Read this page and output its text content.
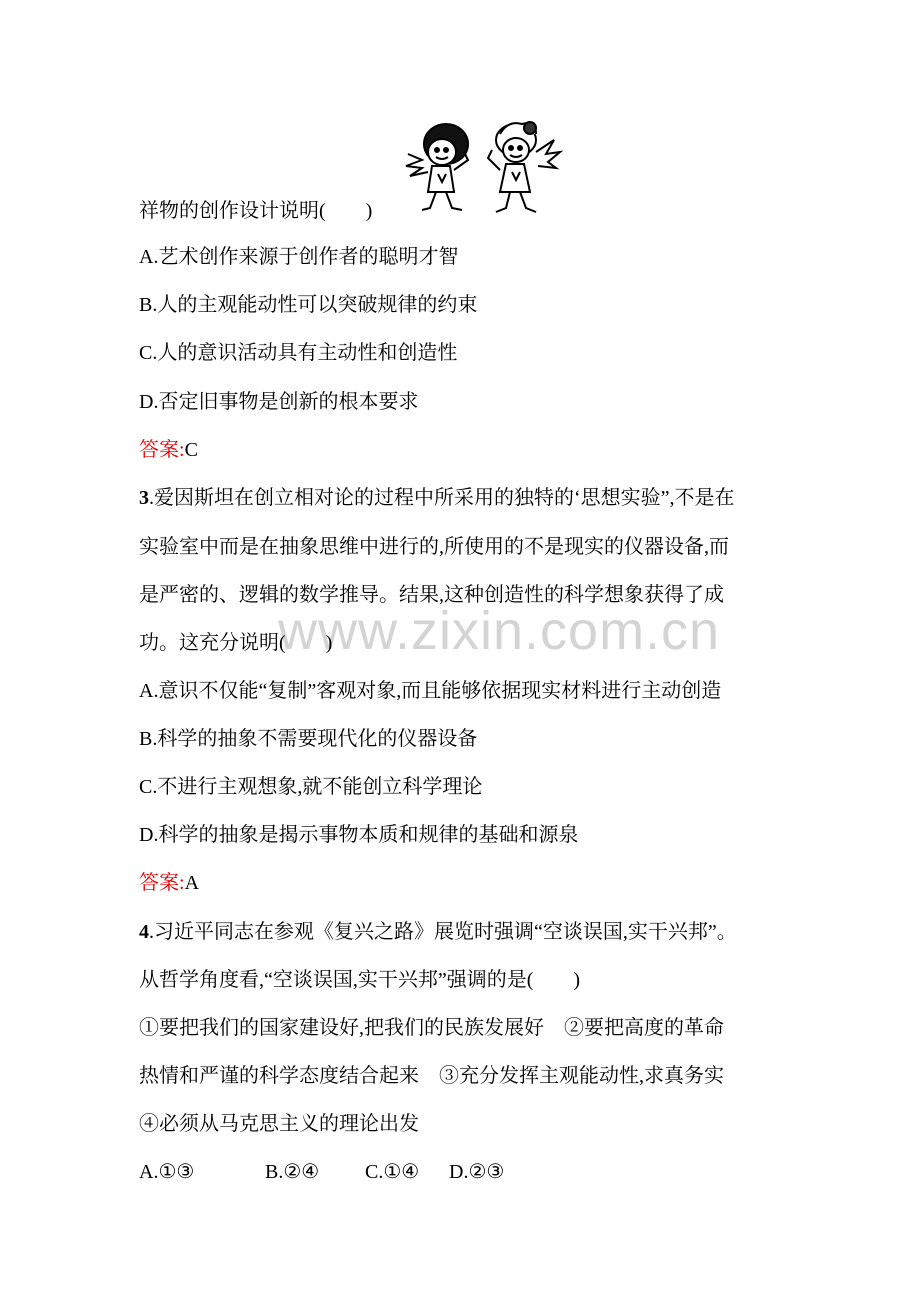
www.zixin.com.cn
祥物的创作设计说明(　　)
A.艺术创作来源于创作者的聪明才智
B.人的主观能动性可以突破规律的约束
C.人的意识活动具有主动性和创造性
D.否定旧事物是创新的根本要求
答案:C
3.爱因斯坦在创立相对论的过程中所采用的独特的‘思想实验”,不是在
实验室中而是在抽象思维中进行的,所使用的不是现实的仪器设备,而
是严密的、逻辑的数学推导。结果,这种创造性的科学想象获得了成
功。这充分说明(　　)
A.意识不仅能“复制”客观对象,而且能够依据现实材料进行主动创造
B.科学的抽象不需要现代化的仪器设备
C.不进行主观想象,就不能创立科学理论
D.科学的抽象是揭示事物本质和规律的基础和源泉
答案:A
4.习近平同志在参观《复兴之路》展览时强调“空谈误国,实干兴邦”。
从哲学角度看,“空谈误国,实干兴邦”强调的是(　　)
①要把我们的国家建设好,把我们的民族发展好　②要把高度的革命
热情和严谨的科学态度结合起来　③充分发挥主观能动性,求真务实
④必须从马克思主义的理论出发
A.①③	B.②④ C.①④ D.②③
